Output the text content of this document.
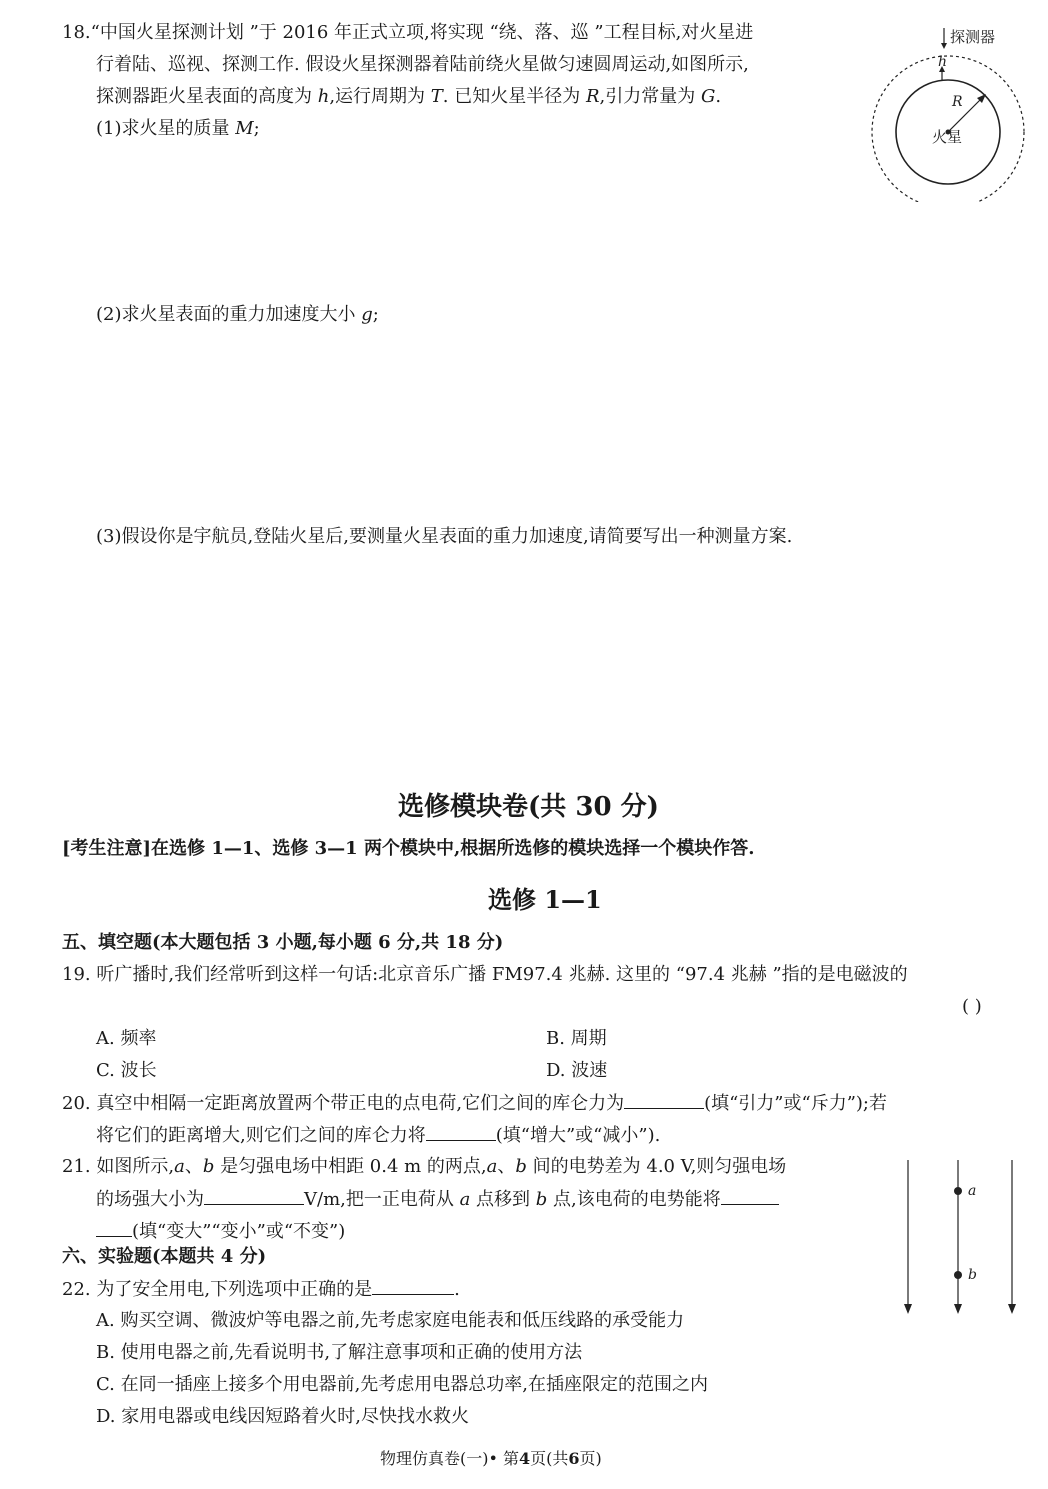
18.“中国火星探测计划 ”于 2016 年正式立项,将实现 “绕、落、巡 ”工程目标,对火星进
行着陆、巡视、探测工作. 假设火星探测器着陆前绕火星做匀速圆周运动,如图所示,
探测器距火星表面的高度为 h,运行周期为 T. 已知火星半径为 R,引力常量为 G.
(1)求火星的质量 M;
(2)求火星表面的重力加速度大小 g;
(3)假设你是宇航员,登陆火星后,要测量火星表面的重力加速度,请简要写出一种测量方案.
探测器
h
R
火星
选修模块卷(共 30 分)
[考生注意]在选修 1—1、选修 3—1 两个模块中,根据所选修的模块选择一个模块作答.
选修 1—1
五、填空题(本大题包括 3 小题,每小题 6 分,共 18 分)
19. 听广播时,我们经常听到这样一句话:北京音乐广播 FM97.4 兆赫. 这里的 “97.4 兆赫 ”指的是电磁波的
( )
A. 频率	B. 周期
C. 波长	D. 波速
20. 真空中相隔一定距离放置两个带正电的点电荷,它们之间的库仑力为	(填“引力”或“斥力”);若
将它们的距离增大,则它们之间的库仑力将	(填“增大”或“减小”).
21. 如图所示,a、b 是匀强电场中相距 0.4 m 的两点,a、b 间的电势差为 4.0 V,则匀强电场
的场强大小为	V/m,把一正电荷从 a 点移到 b 点,该电荷的电势能将
(填“变大”“变小”或“不变”)
a
b
六、实验题(本题共 4 分)
22. 为了安全用电,下列选项中正确的是	.
A. 购买空调、微波炉等电器之前,先考虑家庭电能表和低压线路的承受能力
B. 使用电器之前,先看说明书,了解注意事项和正确的使用方法
C. 在同一插座上接多个用电器前,先考虑用电器总功率,在插座限定的范围之内
D. 家用电器或电线因短路着火时,尽快找水救火
物理仿真卷(一)• 第4页(共6页)
